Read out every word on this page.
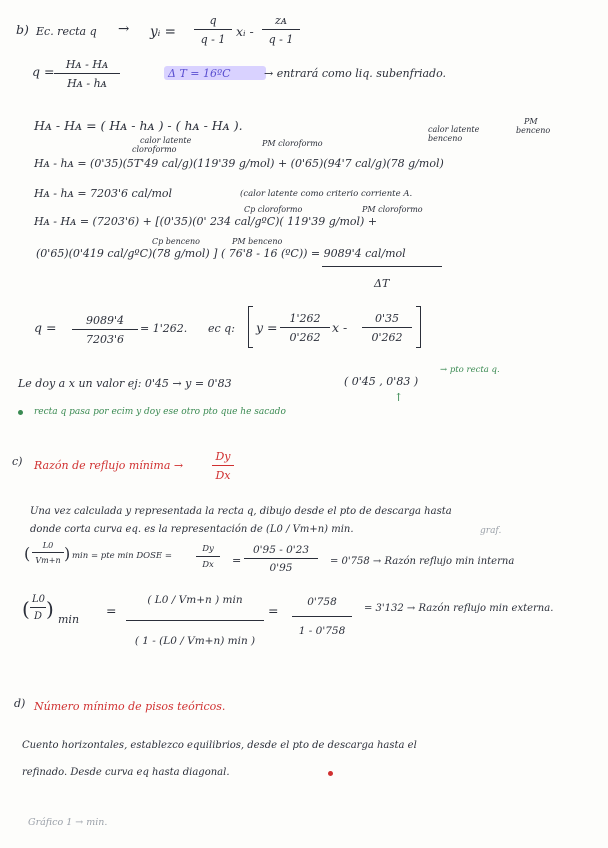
b) Ec. recta q → yᵢ = $\frac{q}{q - 1}$ xᵢ - $\frac{\text{zᴀ}}{q - 1}$
$q = \frac{\text{Hᴀ - Hᴀ}}{\text{Hᴀ - hᴀ}}$	Δ T = 16ºC	→ entrará como liq. subenfriado.
Hᴀ - Hᴀ = ( Hᴀ - hᴀ ) - ( hᴀ - Hᴀ ).
calor latente
cloroformo
PM cloroformo
calor latente
benceno
PM
benceno
Hᴀ - hᴀ = (0'35)(5T'49 cal/g)(119'39 g/mol) + (0'65)(94'7 cal/g)(78 g/mol)
Hᴀ - hᴀ = 7203'6 cal/mol	(calor latente como criterio corriente A.
Cp cloroformo	PM cloroformo
Hᴀ - Hᴀ = (7203'6) + [(0'35)(0' 234 cal/gºC)( 119'39 g/mol) +
Cp benceno	PM benceno
(0'65)(0'419 cal/gºC)(78 g/mol) ] ( 76'8 - 16 (ºC)) = 9089'4 cal/mol
ΔT
$q = \frac{9089'4}{7203'6} = 1'262$. ec q: $y = \frac{1'262}{0'262}$ x - $\frac{0'35}{0'262}$
Le doy a x un valor ej: 0'45 → y = 0'83	( 0'45 , 0'83 )
→ pto recta q.
↑
recta q pasa por ecim y doy ese otro pto que he sacado
c) Razón de reflujo mínima →	$\frac{Dy}{Dx}$
Una vez calculada y representada la recta q, dibujo desde el pto de descarga hasta
donde corta curva eq. es la representación de (L0 / Vm+n) min.	graf.
( $\frac{L0}{Vm+n}$ ) min = pte min DOSE =	$\frac{Dy}{Dx} = \frac{0'95 - 0'23}{0'95} = 0'758$ → Razón reflujo min interna
( $\frac{L0}{D}$ ) min
=
( L0 / Vm+n ) min
( 1 - (L0 / Vm+n) min )
= $\frac{0'758}{1 - 0'758} = 3'132$ → Razón reflujo min externa.
d) Número mínimo de pisos teóricos.
Cuento horizontales, establezco equilibrios, desde el pto de descarga hasta el
refinado. Desde curva eq hasta diagonal.
Gráfico 1 → min.
